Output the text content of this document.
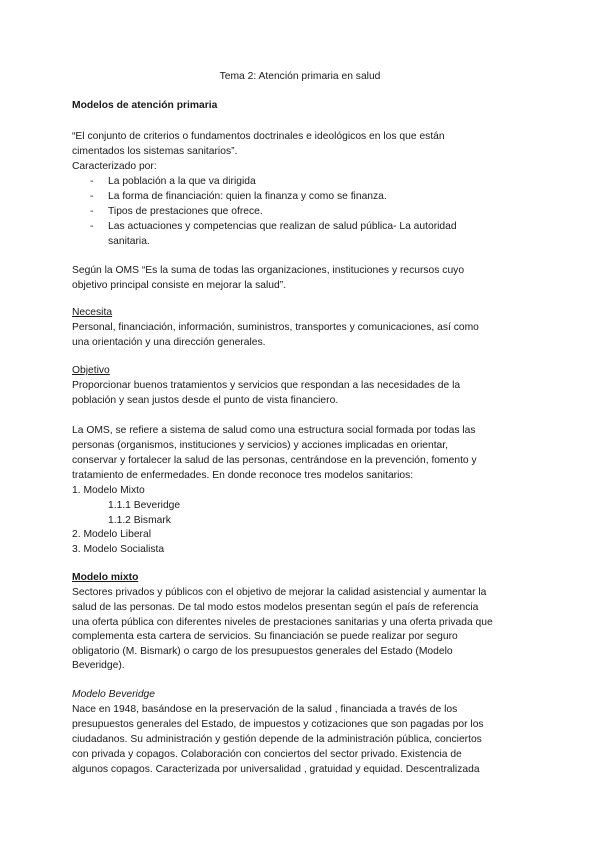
Tema 2: Atención primaria en salud

Modelos de atención primaria

“El conjunto de criterios o fundamentos doctrinales e ideológicos en los que están

cimentados los sistemas sanitarios”.

Caracterizado por:

- La población a la que va dirigida

- La forma de financiación: quien la finanza y como se finanza.

- Tipos de prestaciones que ofrece.

- Las actuaciones y competencias que realizan de salud pública- La autoridad

sanitaria.

Según la OMS “Es la suma de todas las organizaciones, instituciones y recursos cuyo

objetivo principal consiste en mejorar la salud”.

Necesita

Personal, financiación, información, suministros, transportes y comunicaciones, así como

una orientación y una dirección generales.

Objetivo

Proporcionar buenos tratamientos y servicios que respondan a las necesidades de la

población y sean justos desde el punto de vista financiero.

La OMS, se refiere a sistema de salud como una estructura social formada por todas las

personas (organismos, instituciones y servicios) y acciones implicadas en orientar,

conservar y fortalecer la salud de las personas, centrándose en la prevención, fomento y

tratamiento de enfermedades. En donde reconoce tres modelos sanitarios:

1. Modelo Mixto

1.1.1 Beveridge

1.1.2 Bismark

2. Modelo Liberal

3. Modelo Socialista

Modelo mixto

Sectores privados y públicos con el objetivo de mejorar la calidad asistencial y aumentar la

salud de las personas. De tal modo estos modelos presentan según el país de referencia

una oferta pública con diferentes niveles de prestaciones sanitarias y una oferta privada que

complementa esta cartera de servicios. Su financiación se puede realizar por seguro

obligatorio (M. Bismark) o cargo de los presupuestos generales del Estado (Modelo

Beveridge).

Modelo Beveridge

Nace en 1948, basándose en la preservación de la salud , financiada a través de los

presupuestos generales del Estado, de impuestos y cotizaciones que son pagadas por los

ciudadanos. Su administración y gestión depende de la administración pública, conciertos

con privada y copagos. Colaboración con conciertos del sector privado. Existencia de

algunos copagos. Caracterizada por universalidad , gratuidad y equidad. Descentralizada
